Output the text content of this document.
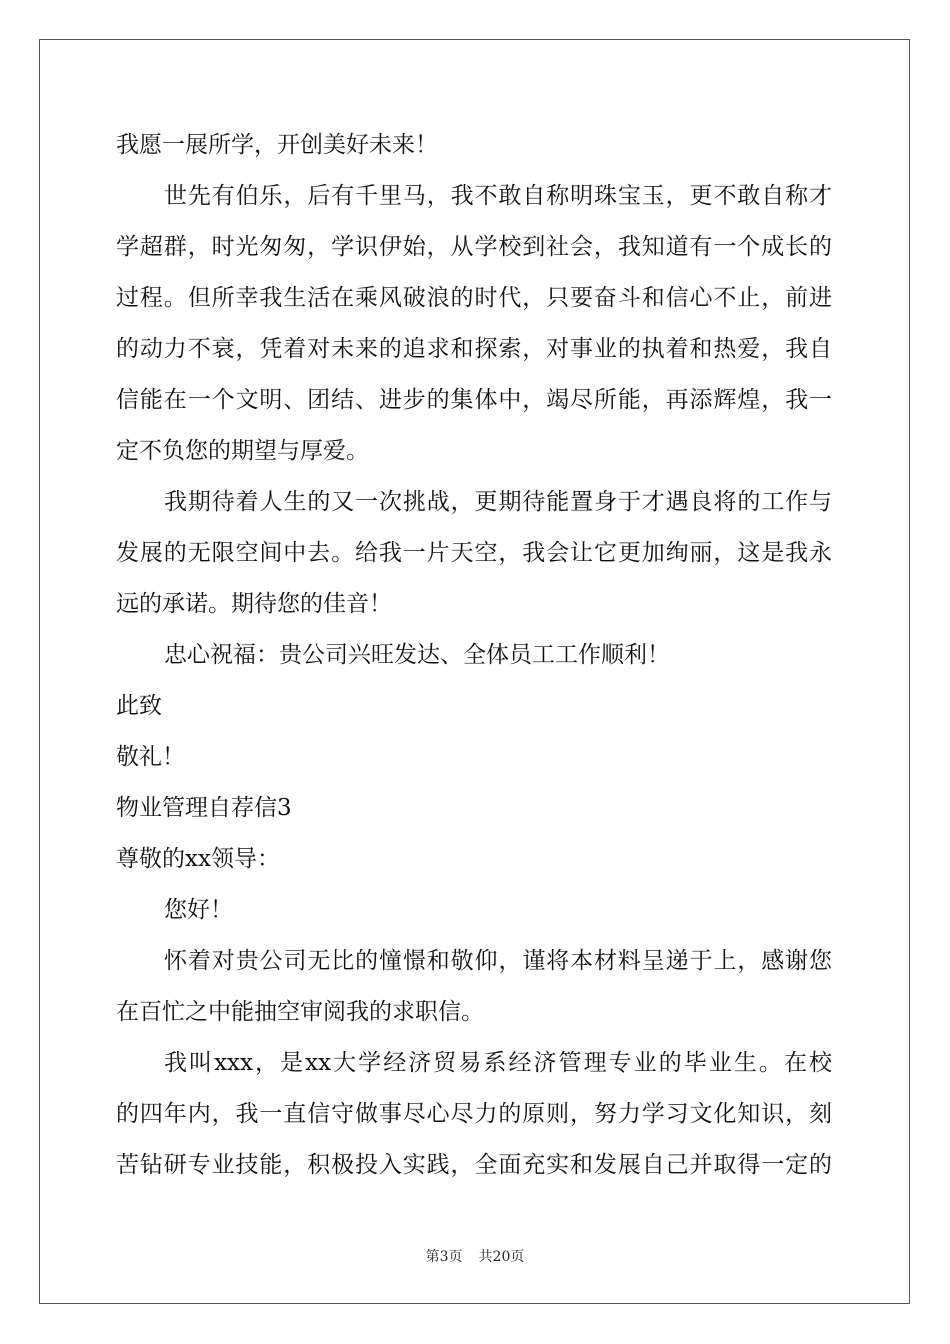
我愿一展所学，开创美好未来！
世先有伯乐，后有千里马，我不敢自称明珠宝玉，更不敢自称才
学超群，时光匆匆，学识伊始，从学校到社会，我知道有一个成长的
过程。但所幸我生活在乘风破浪的时代，只要奋斗和信心不止，前进
的动力不衰，凭着对未来的追求和探索，对事业的执着和热爱，我自
信能在一个文明、团结、进步的集体中，竭尽所能，再添辉煌，我一
定不负您的期望与厚爱。
我期待着人生的又一次挑战，更期待能置身于才遇良将的工作与
发展的无限空间中去。给我一片天空，我会让它更加绚丽，这是我永
远的承诺。期待您的佳音！
忠心祝福：贵公司兴旺发达、全体员工工作顺利！
此致
敬礼！
物业管理自荐信3
尊敬的xx领导：
您好！
怀着对贵公司无比的憧憬和敬仰，谨将本材料呈递于上，感谢您
在百忙之中能抽空审阅我的求职信。
我叫xxx，是xx大学经济贸易系经济管理专业的毕业生。在校
的四年内，我一直信守做事尽心尽力的原则，努力学习文化知识，刻
苦钻研专业技能，积极投入实践，全面充实和发展自己并取得一定的
第3页 共20页
